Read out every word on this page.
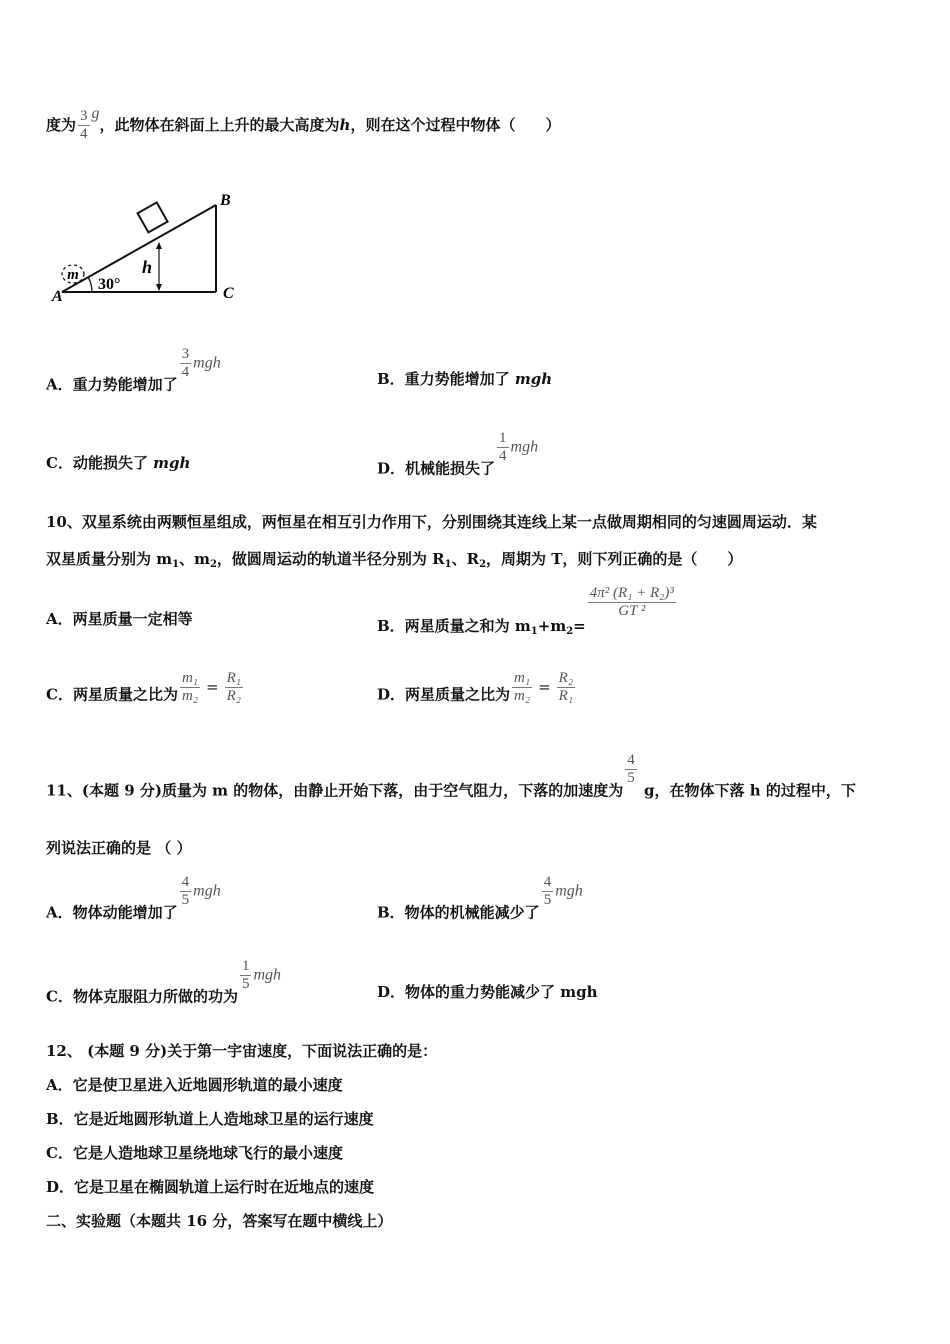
度为 $\frac{3}{4}$ g，此物体在斜面上上升的最大高度为h，则在这个过程中物体（　　）
h
m
30°
A
B
C
A．重力势能增加了
$\frac{3}{4}$ mgh
B．重力势能增加了 mgh
C．动能损失了 mgh	D．机械能损失了
$\frac{1}{4}$ mgh
10、双星系统由两颗恒星组成，两恒星在相互引力作用下，分别围绕其连线上某一点做周期相同的匀速圆周运动．某
双星质量分别为 $m_1$、$m_2$，做圆周运动的轨道半径分别为 $R_1$、$R_2$，周期为 T，则下列正确的是（　　）
A．两星质量一定相等	B．两星质量之和为 $m_1+m_2=$
$\frac{\text{4π² (R₁ + R₂)³}}{\text{GT ²}}$
C．两星质量之比为 $\frac{\text{m₁}}{\text{m₂}} = \frac{\text{R₁}}{\text{R₂}}$	D．两星质量之比为 $\frac{\text{m₁}}{\text{m₂}} = \frac{\text{R₂}}{\text{R₁}}$
11、(本题 9 分)质量为 m 的物体，由静止开始下落，由于空气阻力，下落的加速度为
$\frac{4}{5}$
g，在物体下落 h 的过程中，下
列说法正确的是 （ ）
A．物体动能增加了
$\frac{4}{5}$ mgh
B．物体的机械能减少了
$\frac{4}{5}$ mgh
C．物体克服阻力所做的功为
$\frac{1}{5}$ mgh
D．物体的重力势能减少了 mgh
12、 (本题 9 分)关于第一宇宙速度，下面说法正确的是：
A．它是使卫星进入近地圆形轨道的最小速度
B．它是近地圆形轨道上人造地球卫星的运行速度
C．它是人造地球卫星绕地球飞行的最小速度
D．它是卫星在椭圆轨道上运行时在近地点的速度
二、实验题（本题共 16 分，答案写在题中横线上）
